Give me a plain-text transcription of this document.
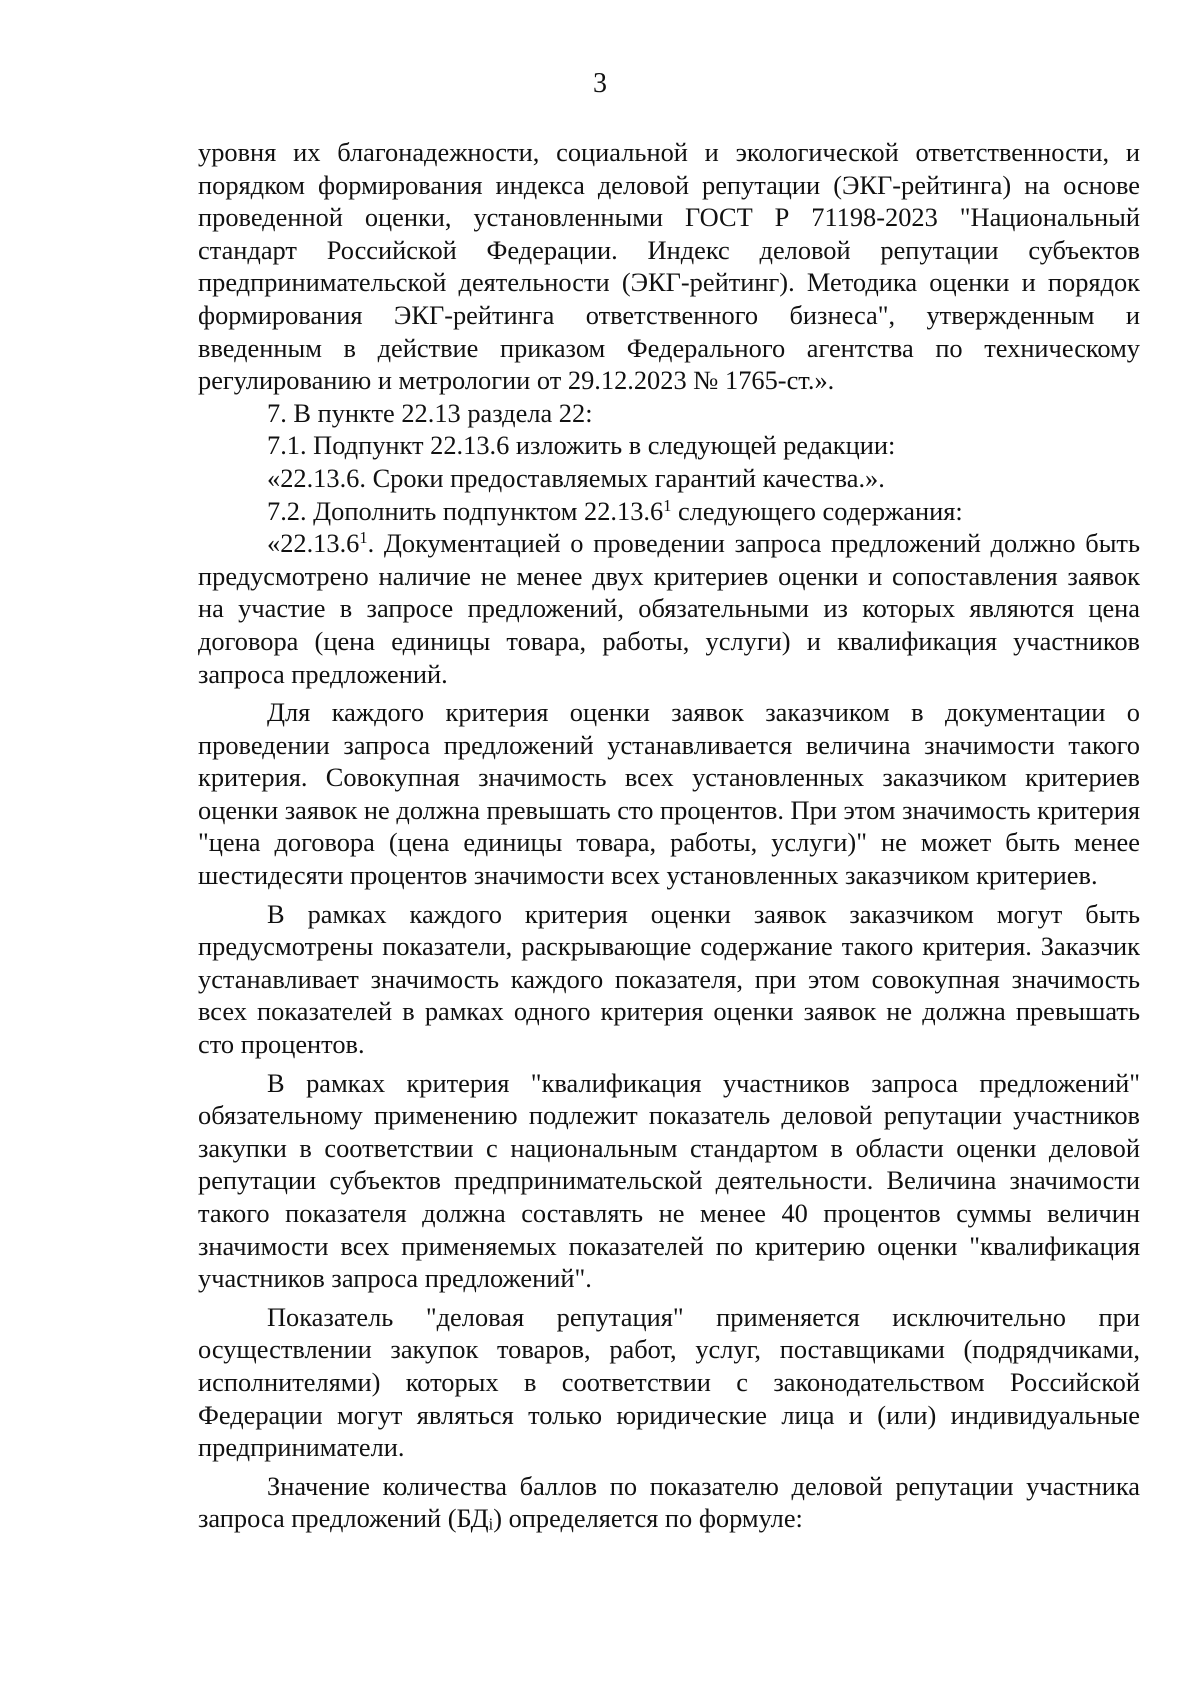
3

уровня их благонадежности, социальной и экологической ответственности, и порядком формирования индекса деловой репутации (ЭКГ-рейтинга) на основе проведенной оценки, установленными ГОСТ Р 71198-2023 "Национальный стандарт Российской Федерации. Индекс деловой репутации субъектов предпринимательской деятельности (ЭКГ-рейтинг). Методика оценки и порядок формирования ЭКГ-рейтинга ответственного бизнеса", утвержденным и введенным в действие приказом Федерального агентства по техническому регулированию и метрологии от 29.12.2023 № 1765-ст.».

7. В пункте 22.13 раздела 22:

7.1. Подпункт 22.13.6 изложить в следующей редакции:

«22.13.6. Сроки предоставляемых гарантий качества.».

7.2. Дополнить подпунктом 22.13.6$^1$ следующего содержания:

«22.13.6$^1$. Документацией о проведении запроса предложений должно быть предусмотрено наличие не менее двух критериев оценки и сопоставления заявок на участие в запросе предложений, обязательными из которых являются цена договора (цена единицы товара, работы, услуги) и квалификация участников запроса предложений.

Для каждого критерия оценки заявок заказчиком в документации о проведении запроса предложений устанавливается величина значимости такого критерия. Совокупная значимость всех установленных заказчиком критериев оценки заявок не должна превышать сто процентов. При этом значимость критерия "цена договора (цена единицы товара, работы, услуги)" не может быть менее шестидесяти процентов значимости всех установленных заказчиком критериев.

В рамках каждого критерия оценки заявок заказчиком могут быть предусмотрены показатели, раскрывающие содержание такого критерия. Заказчик устанавливает значимость каждого показателя, при этом совокупная значимость всех показателей в рамках одного критерия оценки заявок не должна превышать сто процентов.

В рамках критерия "квалификация участников запроса предложений" обязательному применению подлежит показатель деловой репутации участников закупки в соответствии с национальным стандартом в области оценки деловой репутации субъектов предпринимательской деятельности. Величина значимости такого показателя должна составлять не менее 40 процентов суммы величин значимости всех применяемых показателей по критерию оценки "квалификация участников запроса предложений".

Показатель "деловая репутация" применяется исключительно при осуществлении закупок товаров, работ, услуг, поставщиками (подрядчиками, исполнителями) которых в соответствии с законодательством Российской Федерации могут являться только юридические лица и (или) индивидуальные предприниматели.

Значение количества баллов по показателю деловой репутации участника запроса предложений $(БД_i)$ определяется по формуле:
